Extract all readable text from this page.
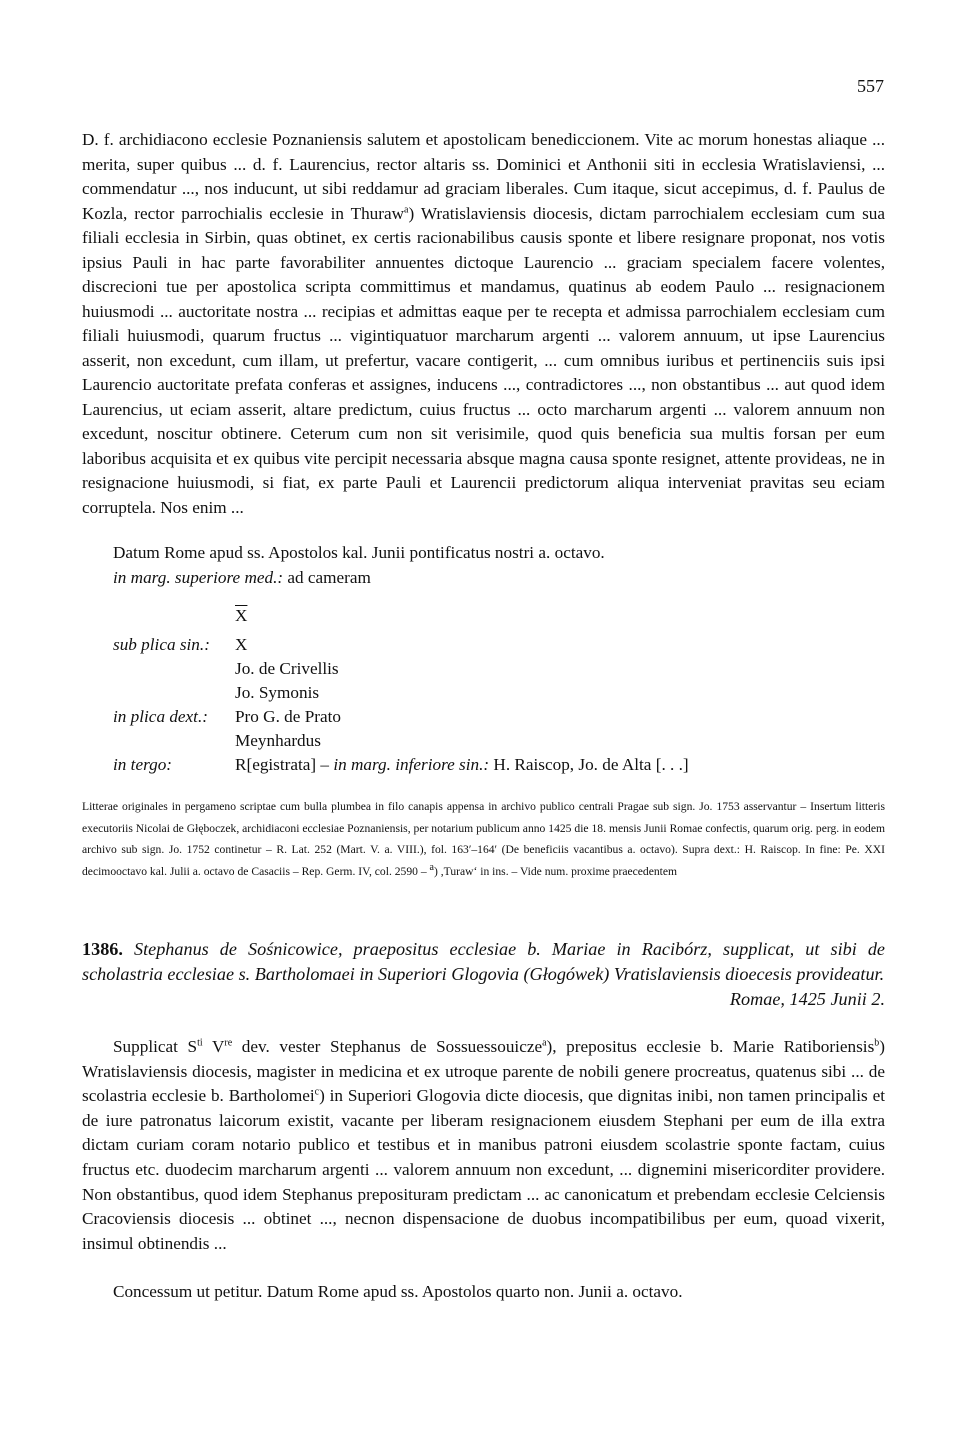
557

D. f. archidiacono ecclesie Poznaniensis salutem et apostolicam benediccionem. Vite ac morum honestas aliaque ... merita, super quibus ... d. f. Laurencius, rector altaris ss. Dominici et Anthonii siti in ecclesia Wratislaviensi, ... commendatur ..., nos inducunt, ut sibi reddamur ad graciam liberales. Cum itaque, sicut accepimus, d. f. Paulus de Kozla, rector parrochialis ecclesie in Thuraw$^a$) Wratislaviensis diocesis, dictam parrochialem ecclesiam cum sua filiali ecclesia in Sirbin, quas obtinet, ex certis racionabilibus causis sponte et libere resignare proponat, nos votis ipsius Pauli in hac parte favorabiliter annuentes dictoque Laurencio ... graciam specialem facere volentes, discrecioni tue per apostolica scripta committimus et mandamus, quatinus ab eodem Paulo ... resignacionem huiusmodi ... auctoritate nostra ... recipias et admittas eaque per te recepta et admissa parrochialem ecclesiam cum filiali huiusmodi, quarum fructus ... vigintiquatuor marcharum argenti ... valorem annuum, ut ipse Laurencius asserit, non excedunt, cum illam, ut prefertur, vacare contigerit, ... cum omnibus iuribus et pertinenciis suis ipsi Laurencio auctoritate prefata conferas et assignes, inducens ..., contradictores ..., non obstantibus ... aut quod idem Laurencius, ut eciam asserit, altare predictum, cuius fructus ... octo marcharum argenti ... valorem annuum non excedunt, noscitur obtinere. Ceterum cum non sit verisimile, quod quis beneficia sua multis forsan per eum laboribus acquisita et ex quibus vite percipit necessaria absque magna causa sponte resignet, attente provideas, ne in resignacione huiusmodi, si fiat, ex parte Pauli et Laurencii predictorum aliqua interveniat pravitas seu eciam corruptela. Nos enim ...

Datum Rome apud ss. Apostolos kal. Junii pontificatus nostri a. octavo.
in marg. superiore med.: ad cameram
$\overline{X}$
sub plica sin.: X
Jo. de Crivellis
Jo. Symonis
in plica dext.: Pro G. de Prato
Meynhardus
in tergo:	R[egistrata] – in marg. inferiore sin.: H. Raiscop, Jo. de Alta [. . .]

Litterae originales in pergameno scriptae cum bulla plumbea in filo canapis appensa in archivo publico centrali Pragae sub sign. Jo. 1753 asservantur – Insertum litteris executoriis Nicolai de Głęboczek, archidiaconi ecclesiae Poznaniensis, per notarium publicum anno 1425 die 18. mensis Junii Romae confectis, quarum orig. perg. in eodem archivo sub sign. Jo. 1752 continetur – R. Lat. 252 (Mart. V. a. VIII.), fol. 163′–164′ (De beneficiis vacantibus a. octavo). Supra dext.: H. Raiscop. In fine: Pe. XXI decimooctavo kal. Julii a. octavo de Casaciis – Rep. Germ. IV, col. 2590 – $^a$) ,Turaw‘ in ins. – Vide num. proxime praecedentem

1386. Stephanus de Sośnicowice, praepositus ecclesiae b. Mariae in Racibórz, supplicat, ut sibi de scholastria ecclesiae s. Bartholomaei in Superiori Glogovia (Głogówek) Vratislaviensis dioecesis provideatur.

Romae, 1425 Junii 2.

Supplicat $S^{ti}$ Vre dev. vester Stephanus de Sossuessouicze$^a$), prepositus ecclesie b. Marie Ratiboriensis$^b$) Wratislaviensis diocesis, magister in medicina et ex utroque parente de nobili genere procreatus, quatenus sibi ... de scolastria ecclesie b. Bartholomei$^c$) in Superiori Glogovia dicte diocesis, que dignitas inibi, non tamen principalis et de iure patronatus laicorum existit, vacante per liberam resignacionem eiusdem Stephani per eum de illa extra dictam curiam coram notario publico et testibus et in manibus patroni eiusdem scolastrie sponte factam, cuius fructus etc. duodecim marcharum argenti ... valorem annuum non excedunt, ... dignemini misericorditer providere. Non obstantibus, quod idem Stephanus preposituram predictam ... ac canonicatum et prebendam ecclesie Celciensis Cracoviensis diocesis ... obtinet ..., necnon dispensacione de duobus incompatibilibus per eum, quoad vixerit, insimul obtinendis ...

Concessum ut petitur. Datum Rome apud ss. Apostolos quarto non. Junii a. octavo.
